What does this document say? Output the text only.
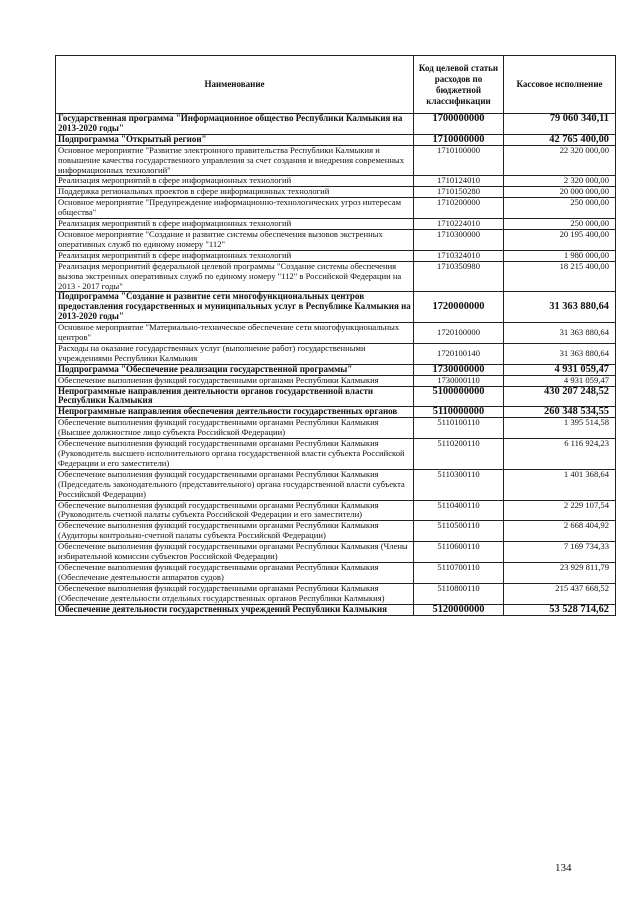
Наименование	Код целевой статьи расходов по бюджетной классификации	Кассовое исполнение
Государственная программа "Информационное общество Республики Калмыкия на 2013-2020 годы"	1700000000	79 060 340,11
Подпрограмма "Открытый регион"	1710000000	42 765 400,00
Основное мероприятие "Развитие электронного правительства Республики Калмыкия и повышение качества государственного управления за счет создания и внедрения современных информационных технологий"	1710100000	22 320 000,00
Реализация мероприятий в сфере информационных технологий	1710124010	2 320 000,00
Поддержка региональных проектов в сфере информационных технологий	1710150280	20 000 000,00
Основное мероприятие "Предупреждение информационно-технологических угроз интересам общества"	1710200000	250 000,00
Реализация мероприятий в сфере информационных технологий	1710224010	250 000,00
Основное мероприятие "Создание и развитие системы обеспечения вызовов экстренных оперативных служб по единому номеру "112"	1710300000	20 195 400,00
Реализация мероприятий в сфере информационных технологий	1710324010	1 980 000,00
Реализация мероприятий федеральной целевой программы "Создание системы обеспечения вызова экстренных оперативных служб по единому номеру "112" в Российской Федерации на 2013 - 2017 годы"	1710350980	18 215 400,00
Подпрограмма "Создание и развитие сети многофункциональных центров предоставления государственных и муниципальных услуг в Республике Калмыкия на 2013-2020 годы"	1720000000	31 363 880,64
Основное мероприятие "Материально-техническое обеспечение сети многофункциональных центров"	1720100000	31 363 880,64
Расходы на оказание государственных услуг (выполнение работ) государственными учреждениями Республики Калмыкия	1720100140	31 363 880,64
Подпрограмма "Обеспечение реализации государственной программы"	1730000000	4 931 059,47
Обеспечение выполнения функций государственными органами Республики Калмыкия	1730000110	4 931 059,47
Непрограммные направления деятельности органов государственной власти Республики Калмыкия	5100000000	430 207 248,52
Непрограммные направления обеспечения деятельности государственных органов	5110000000	260 348 534,55
Обеспечение выполнения функций государственными органами Республики Калмыкия (Высшее должностное лицо субъекта Российской Федерации)	5110100110	1 395 514,58
Обеспечение выполнения функций государственными органами Республики Калмыкия (Руководитель высшего исполнительного органа государственной власти субъекта Российской Федерации и его заместители)	5110200110	6 116 924,23
Обеспечение выполнения функций государственными органами Республики Калмыкия (Председатель законодательного (представительного) органа государственной власти субъекта Российской Федерации)	5110300110	1 401 368,64
Обеспечение выполнения функций государственными органами Республики Калмыкия (Руководитель счетной палаты субъекта Российской Федерации и его заместители)	5110400110	2 229 107,54
Обеспечение выполнения функций государственными органами Республики Калмыкия (Аудиторы контрольно-счетной палаты субъекта Российской Федерации)	5110500110	2 668 404,92
Обеспечение выполнения функций государственными органами Республики Калмыкия (Члены избирательной комиссии субъектов Российской Федерации)	5110600110	7 169 734,33
Обеспечение выполнения функций государственными органами Республики Калмыкия (Обеспечение деятельности аппаратов судов)	5110700110	23 929 811,79
Обеспечение выполнения функций государственными органами Республики Калмыкия (Обеспечение деятельности отдельных государственных органов Республики Калмыкия)	5110800110	215 437 668,52
Обеспечение деятельности государственных учреждений Республики Калмыкия	5120000000	53 528 714,62
134
